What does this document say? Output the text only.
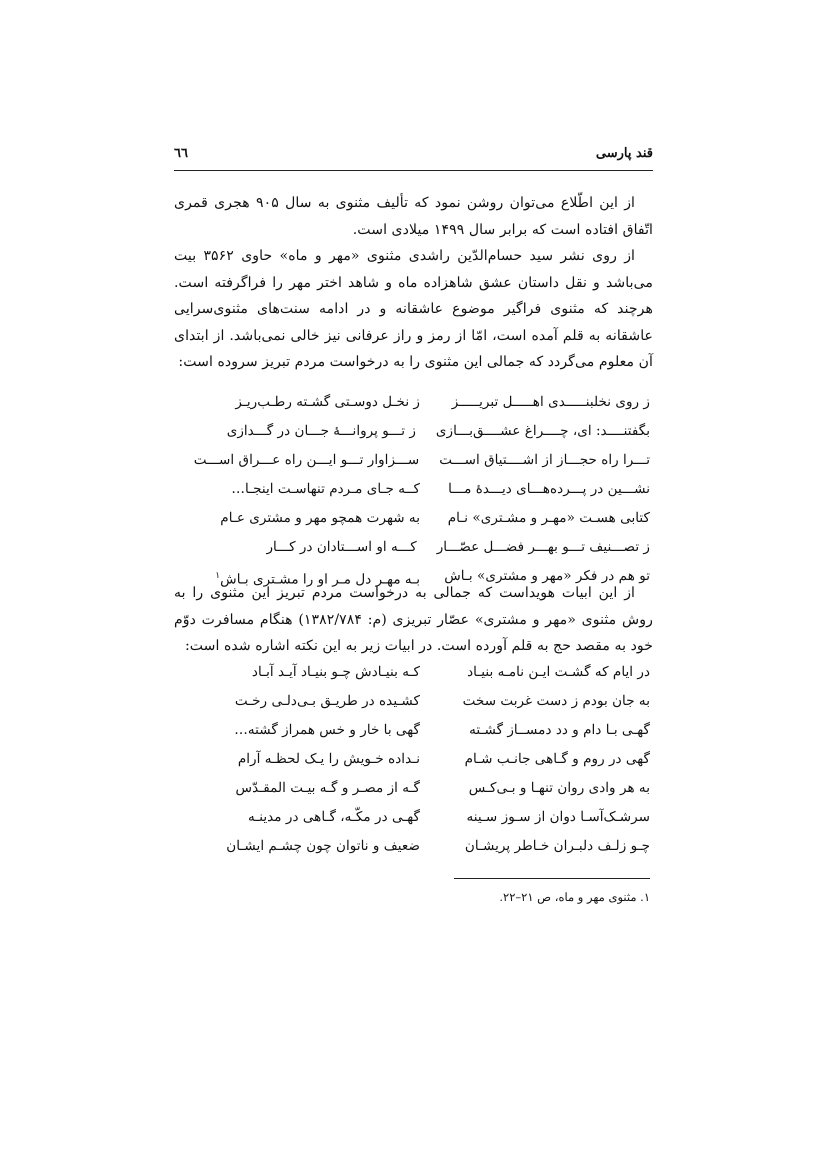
قند پارسی
٦٦

از این اطّلاع می‌توان روشن نمود که تألیف مثنوی به سال ۹۰۵ هجری قمری اتّفاق افتاده است که برابر سال ۱۴۹۹ میلادی است.

از روی نشر سید حسام‌الدّین راشدی مثنوی «مهر و ماه» حاوی ۳۵۶۲ بیت می‌باشد و نقل داستان عشق شاهزاده ماه و شاهد اختر مهر را فراگرفته است. هرچند که مثنوی فراگیر موضوع عاشقانه و در ادامه سنت‌های مثنوی‌سرایی عاشقانه به قلم آمده است، امّا از رمز و راز عرفانی نیز خالی نمی‌باشد. از ابتدای آن معلوم می‌گردد که جمالی این مثنوی را به درخواست مردم تبریز سروده است:

ز روی نخلبنـــــدی اهـــــل تبریـــــز
ز نخـل دوسـتی گشـته رطـب‌ریـز
بگفتنــــد: ای، چــــراغ عشــــق‌بـــازی
ز تـــو پروانـــهٔ جـــان در گـــدازی
تـــرا راه حجـــاز از اشــــتیاق اســـت
ســـزاوار تـــو ایـــن راه عـــراق اســـت
نشـــین در پـــرده‌هـــای دیـــدهٔ مـــا
کــه جـای مـردم تنهاسـت اینجـا…
کتابی هسـت «مهـر و مشـتری» نـام
به شهرت همچو مهر و مشتری عـام
ز تصـــنیف تـــو بهـــر فضـــل عصّـــار
کـــه او اســـتادان در کـــار
تو هم در فکر «مهر و مشتری» بـاش
بـه مهـر دل مـر او را مشـتری بـاش$^١$

از این ابیات هویداست که جمالی به درخواست مردم تبریز این مثنوی را به روش مثنوی «مهر و مشتری» عصّار تبریزی (م: ۱۳۸۲/۷۸۴) هنگام مسافرت دوّم خود به مقصد حج به قلم آورده است. در ابیات زیر به این نکته اشاره شده است:

در ایام که گشـت ایـن نامـه بنیـاد
کـه بنیـادش چـو بنیـاد آیـد آبـاد
به جان بودم ز دست غربت سخت
کشـیده در طریـق بـی‌دلـی رخـت
گهـی بـا دام و دد دمســاز گشـته
گهی با خار و خس همراز گشته…
گهی در روم و گـاهی جانـب شـام
نـداده خـویش را یـک لحظـه آرام
به هر وادی روان تنهـا و بـی‌کـس
گـه از مصـر و گـه بیـت المقـدّس
سرشـک‌آسـا دوان از سـوز سـینه
گهـی در مکّـه، گـاهی در مدینـه
چـو زلـف دلبـران خـاطر پریشـان
ضعیف و ناتوان چون چشـم ایشـان
۱. مثنوی مهر و ماه، ص ۲۱–۲۲.
